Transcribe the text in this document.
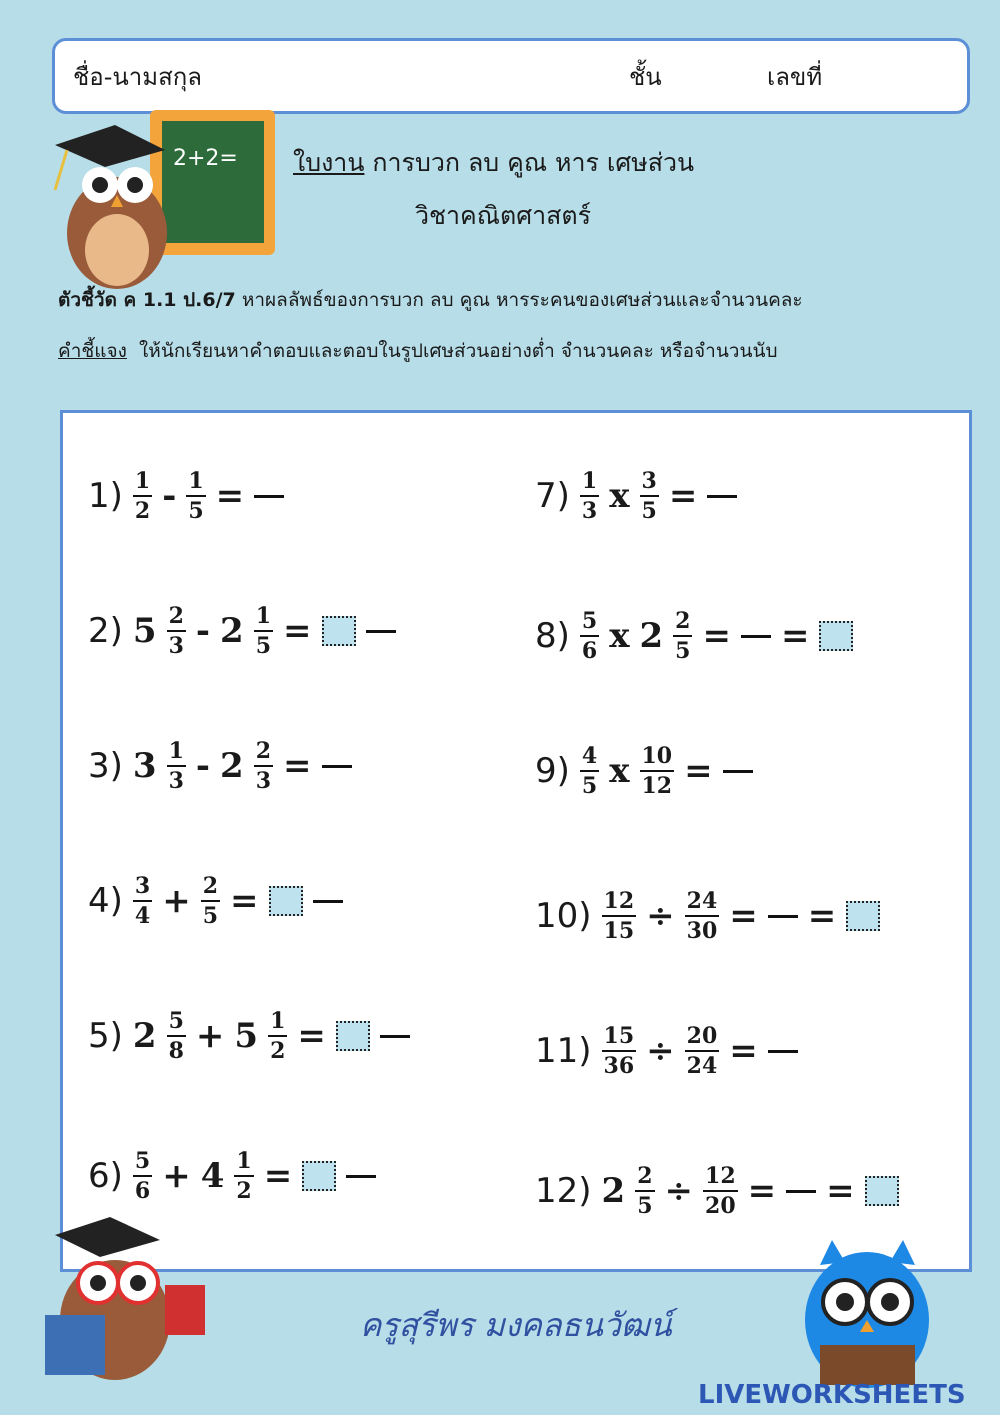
ชื่อ-นามสกุล	ชั้น	เลขที่
2+2= ใบงาน การบวก ลบ คูณ หาร เศษส่วน
วิชาคณิตศาสตร์
ตัวชี้วัด ค 1.1 ป.6/7 หาผลลัพธ์ของการบวก ลบ คูณ หารระคนของเศษส่วนและจำนวนคละ
คำชี้แจง ให้นักเรียนหาคำตอบและตอบในรูปเศษส่วนอย่างต่ำ จำนวนคละ หรือจำนวนนับ
$1) \frac{1}{2} - \frac{1}{5}$ =
2) $5 \frac{2}{3} - 2 \frac{1}{5}$ =
3) $3 \frac{1}{3} - 2 \frac{2}{3}$ =
$4) \frac{3}{4} + \frac{2}{5}$ =
5) $2 \frac{5}{8} + 5 \frac{1}{2}$ =
$6) \frac{5}{6} + 4 \frac{1}{2}$ =
$7) \frac{1}{3}$ x $\frac{3}{5}$ =
$8) \frac{5}{6}$ x $2 \frac{2}{5}$ = =
$9) \frac{4}{5}$ x $\frac{10}{12}$ =
$10) \frac{12}{15} \div \frac{24}{30}$ = =
$11) \frac{15}{36} \div \frac{20}{24}$ =
12) $2 \frac{2}{5} \div \frac{12}{20}$ = =
ครูสุรีพร มงคลธนวัฒน์
LIVEWORKSHEETS
